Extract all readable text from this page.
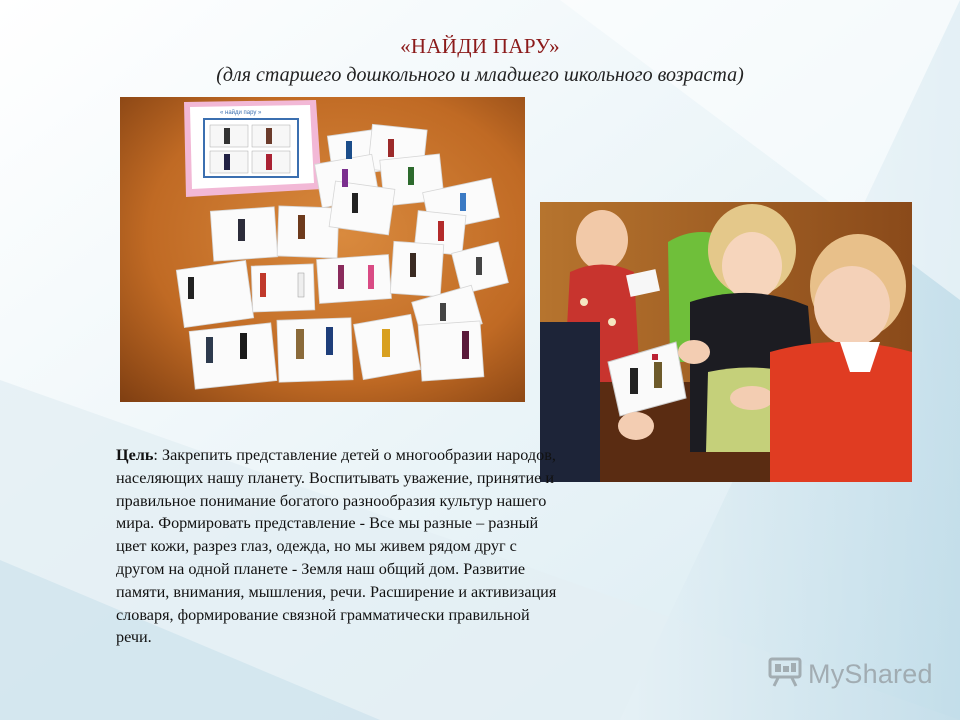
«НАЙДИ ПАРУ»
(для старшего дошкольного и младшего школьного возраста)
« найди пару »
Цель: Закрепить представление детей о многообразии народов, населяющих нашу планету. Воспитывать уважение, принятие и правильное понимание богатого разнообразия культур нашего мира. Формировать представление - Все мы разные – разный цвет кожи, разрез глаз, одежда, но мы живем рядом друг с другом на одной планете - Земля наш общий дом. Развитие памяти, внимания, мышления, речи. Расширение и активизация словаря, формирование связной грамматически правильной речи.
MyShared
